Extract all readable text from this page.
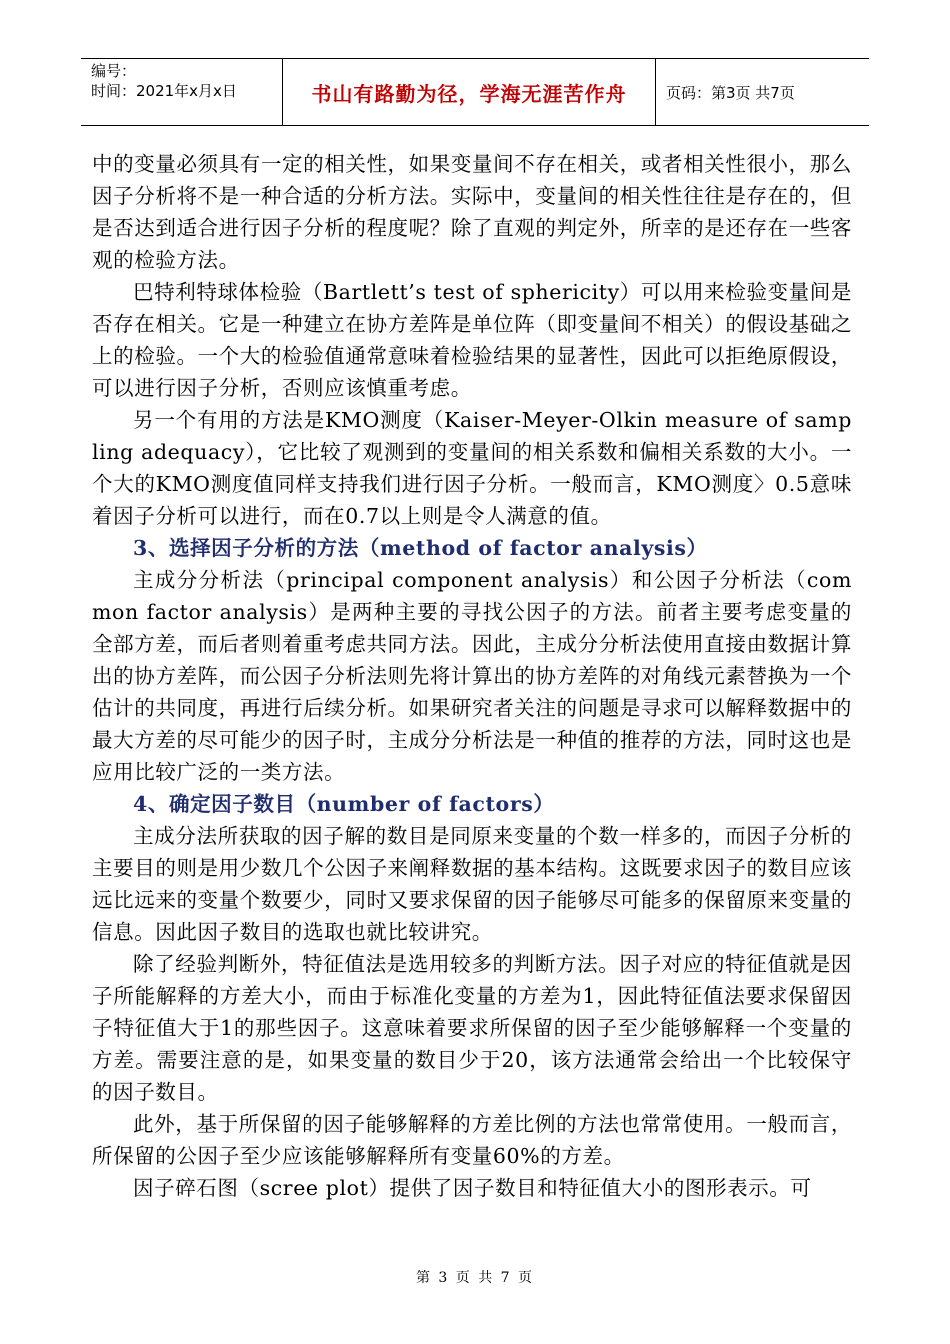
编号：
时间：2021年x月x日	书山有路勤为径，学海无涯苦作舟	页码：第3页 共7页

中的变量必须具有一定的相关性，如果变量间不存在相关，或者相关性很小，那么因子分析将不是一种合适的分析方法。实际中，变量间的相关性往往是存在的，但是否达到适合进行因子分析的程度呢？除了直观的判定外，所幸的是还存在一些客观的检验方法。

巴特利特球体检验（Bartlett’s test of sphericity）可以用来检验变量间是否存在相关。它是一种建立在协方差阵是单位阵（即变量间不相关）的假设基础之上的检验。一个大的检验值通常意味着检验结果的显著性，因此可以拒绝原假设，可以进行因子分析，否则应该慎重考虑。

另一个有用的方法是KMO测度（Kaiser-Meyer-Olkin measure of sampling adequacy），它比较了观测到的变量间的相关系数和偏相关系数的大小。一个大的KMO测度值同样支持我们进行因子分析。一般而言，KMO测度〉0.5意味着因子分析可以进行，而在0.7以上则是令人满意的值。

3、选择因子分析的方法（method of factor analysis）

主成分分析法（principal component analysis）和公因子分析法（common factor analysis）是两种主要的寻找公因子的方法。前者主要考虑变量的全部方差，而后者则着重考虑共同方法。因此，主成分分析法使用直接由数据计算出的协方差阵，而公因子分析法则先将计算出的协方差阵的对角线元素替换为一个估计的共同度，再进行后续分析。如果研究者关注的问题是寻求可以解释数据中的最大方差的尽可能少的因子时，主成分分析法是一种值的推荐的方法，同时这也是应用比较广泛的一类方法。

4、确定因子数目（number of factors）

主成分法所获取的因子解的数目是同原来变量的个数一样多的，而因子分析的主要目的则是用少数几个公因子来阐释数据的基本结构。这既要求因子的数目应该远比远来的变量个数要少，同时又要求保留的因子能够尽可能多的保留原来变量的信息。因此因子数目的选取也就比较讲究。

除了经验判断外，特征值法是选用较多的判断方法。因子对应的特征值就是因子所能解释的方差大小，而由于标准化变量的方差为1，因此特征值法要求保留因子特征值大于1的那些因子。这意味着要求所保留的因子至少能够解释一个变量的方差。需要注意的是，如果变量的数目少于20，该方法通常会给出一个比较保守的因子数目。

此外，基于所保留的因子能够解释的方差比例的方法也常常使用。一般而言，所保留的公因子至少应该能够解释所有变量60%的方差。

因子碎石图（scree plot）提供了因子数目和特征值大小的图形表示。可

第 3 页 共 7 页
